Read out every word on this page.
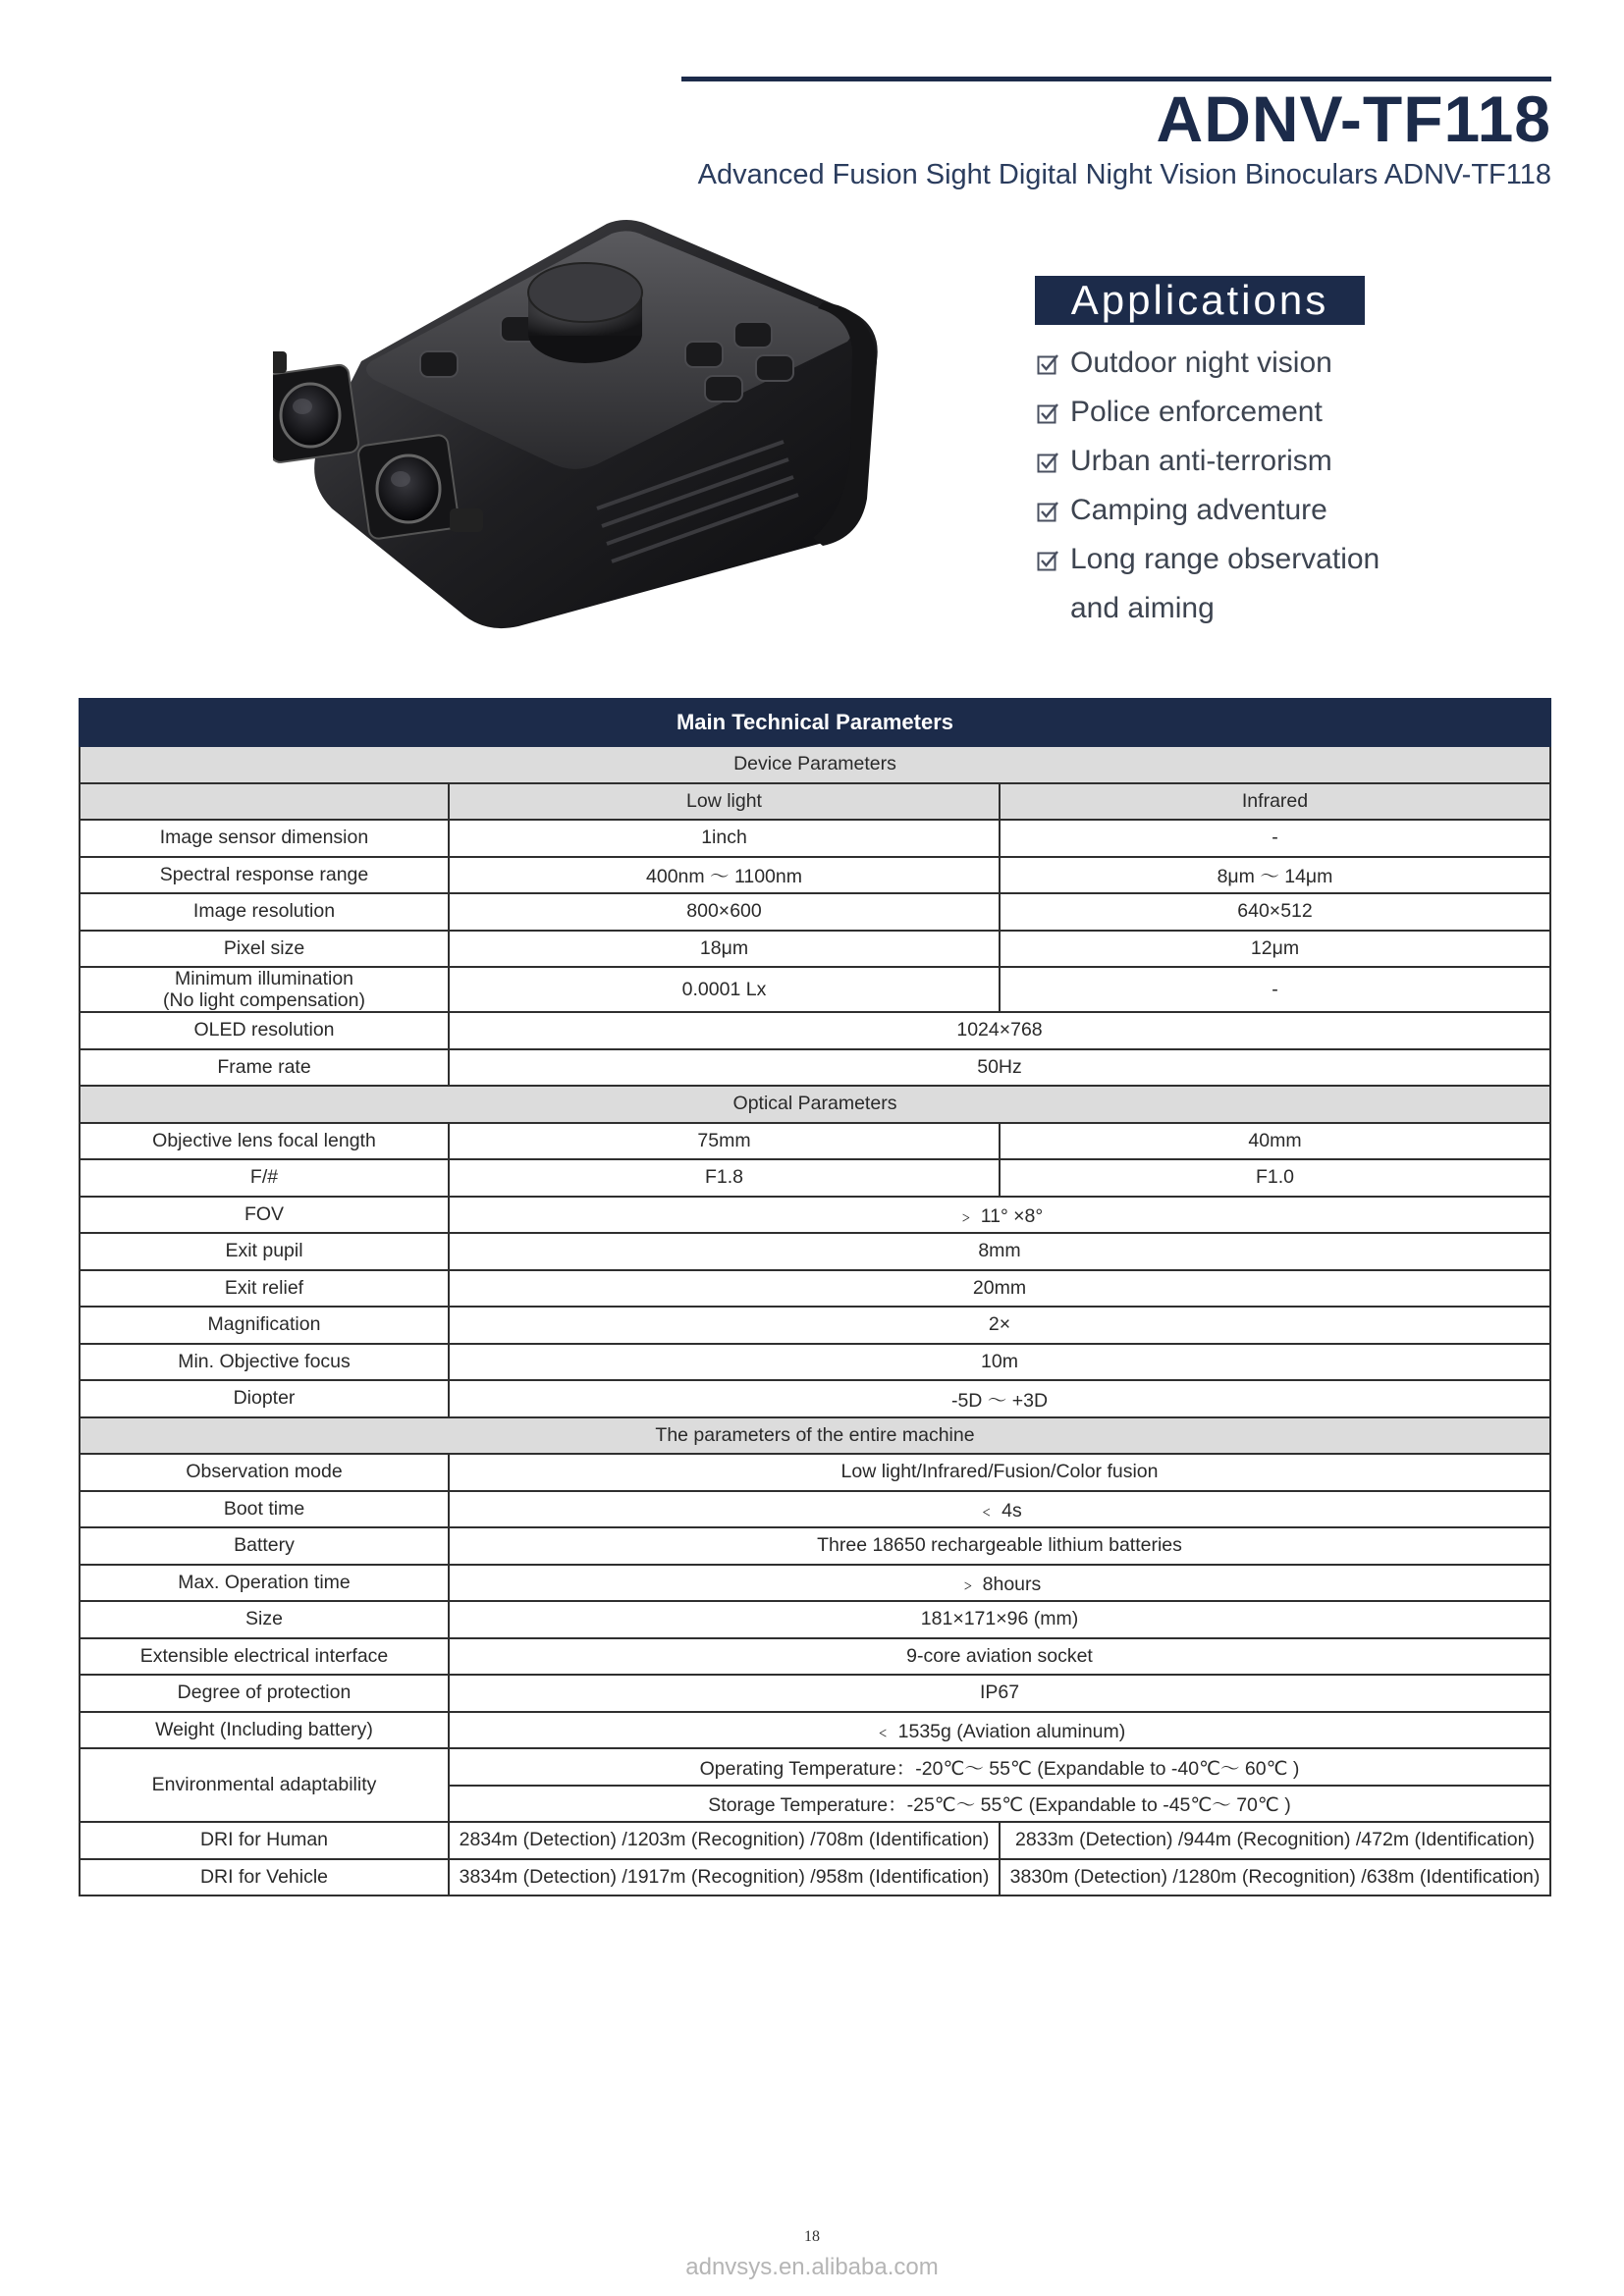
ADNV-TF118
Advanced Fusion Sight Digital Night Vision Binoculars ADNV-TF118
Applications
Outdoor night vision
Police enforcement
Urban anti-terrorism
Camping adventure
Long range observation
and aiming
Main Technical Parameters		
Device Parameters		
	Low light	Infrared
Image sensor dimension	1inch	-
Spectral response range	400nm ～ 1100nm	8μm ～ 14μm
Image resolution	800×600	640×512
Pixel size	18μm	12μm
Minimum illumination
(No light compensation)	0.0001 Lx	-
OLED resolution	1024×768	
Frame rate	50Hz	
Optical Parameters		
Objective lens focal length	75mm	40mm
F/#	F1.8	F1.0
FOV	﹥ 11° ×8°	
Exit pupil	8mm	
Exit relief	20mm	
Magnification	2×	
Min. Objective focus	10m	
Diopter	-5D ～ +3D	
The parameters of the entire machine		
Observation mode	Low light/Infrared/Fusion/Color fusion	
Boot time	﹤ 4s	
Battery	Three 18650 rechargeable lithium batteries	
Max. Operation time	﹥ 8hours	
Size	181×171×96 (mm)	
Extensible electrical interface	9-core aviation socket	
Degree of protection	IP67	
Weight (Including battery)	﹤ 1535g (Aviation aluminum)	
Environmental adaptability	Operating Temperature：-20℃～ 55℃ (Expandable to -40℃～ 60℃ )	
	Storage Temperature：-25℃～ 55℃ (Expandable to -45℃～ 70℃ )	
DRI for Human	2834m (Detection) /1203m (Recognition) /708m (Identification)	2833m (Detection) /944m (Recognition) /472m (Identification)
DRI for Vehicle	3834m (Detection) /1917m (Recognition) /958m (Identification)	3830m (Detection) /1280m (Recognition) /638m (Identification)
18
adnvsys.en.alibaba.com
